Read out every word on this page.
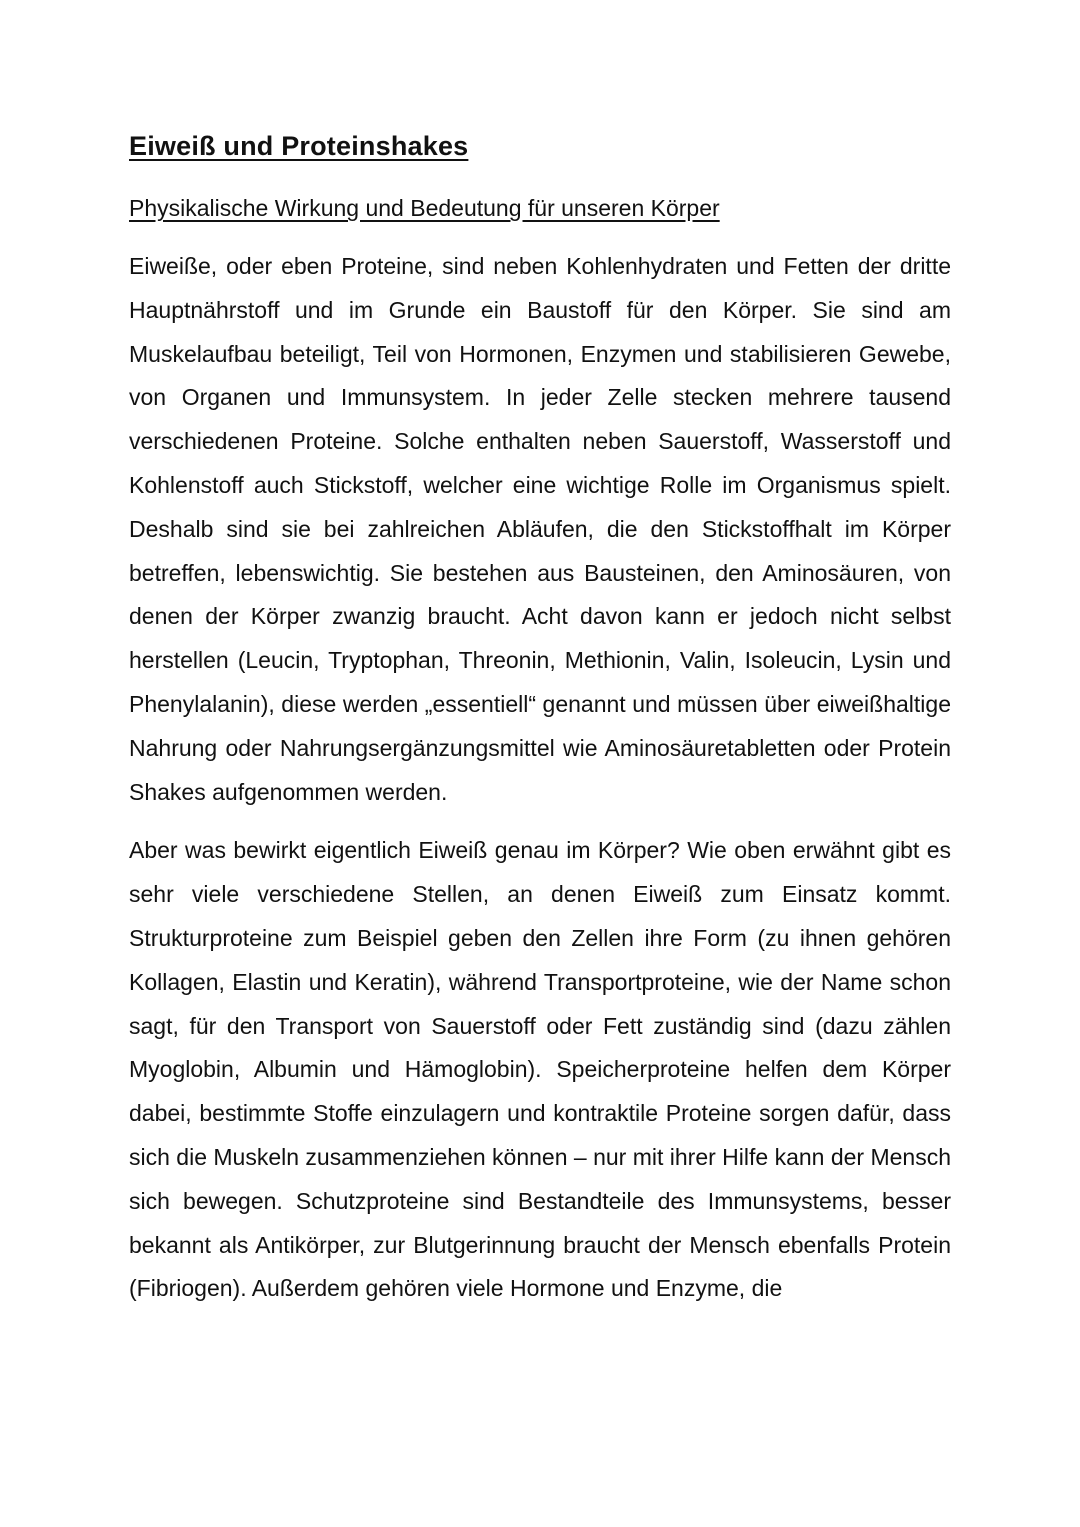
Eiweiß und Proteinshakes
Physikalische Wirkung und Bedeutung für unseren Körper

Eiweiße, oder eben Proteine, sind neben Kohlenhydraten und Fetten der dritte Hauptnährstoff und im Grunde ein Baustoff für den Körper. Sie sind am Muskelaufbau beteiligt, Teil von Hormonen, Enzymen und stabilisieren Gewebe, von Organen und Immunsystem. In jeder Zelle stecken mehrere tausend verschiedenen Proteine. Solche enthalten neben Sauerstoff, Wasserstoff und Kohlenstoff auch Stickstoff, welcher eine wichtige Rolle im Organismus spielt. Deshalb sind sie bei zahlreichen Abläufen, die den Stickstoffhalt im Körper betreffen, lebenswichtig. Sie bestehen aus Bausteinen, den Aminosäuren, von denen der Körper zwanzig braucht. Acht davon kann er jedoch nicht selbst herstellen (Leucin, Tryptophan, Threonin, Methionin, Valin, Isoleucin, Lysin und Phenylalanin), diese werden „essentiell“ genannt und müssen über eiweißhaltige Nahrung oder Nahrungsergänzungsmittel wie Aminosäuretabletten oder Protein Shakes aufgenommen werden.

Aber was bewirkt eigentlich Eiweiß genau im Körper? Wie oben erwähnt gibt es sehr viele verschiedene Stellen, an denen Eiweiß zum Einsatz kommt. Strukturproteine zum Beispiel geben den Zellen ihre Form (zu ihnen gehören Kollagen, Elastin und Keratin), während Transportproteine, wie der Name schon sagt, für den Transport von Sauerstoff oder Fett zuständig sind (dazu zählen Myoglobin, Albumin und Hämoglobin). Speicherproteine helfen dem Körper dabei, bestimmte Stoffe einzulagern und kontraktile Proteine sorgen dafür, dass sich die Muskeln zusammenziehen können – nur mit ihrer Hilfe kann der Mensch sich bewegen. Schutzproteine sind Bestandteile des Immunsystems, besser bekannt als Antikörper, zur Blutgerinnung braucht der Mensch ebenfalls Protein (Fibriogen). Außerdem gehören viele Hormone und Enzyme, die
